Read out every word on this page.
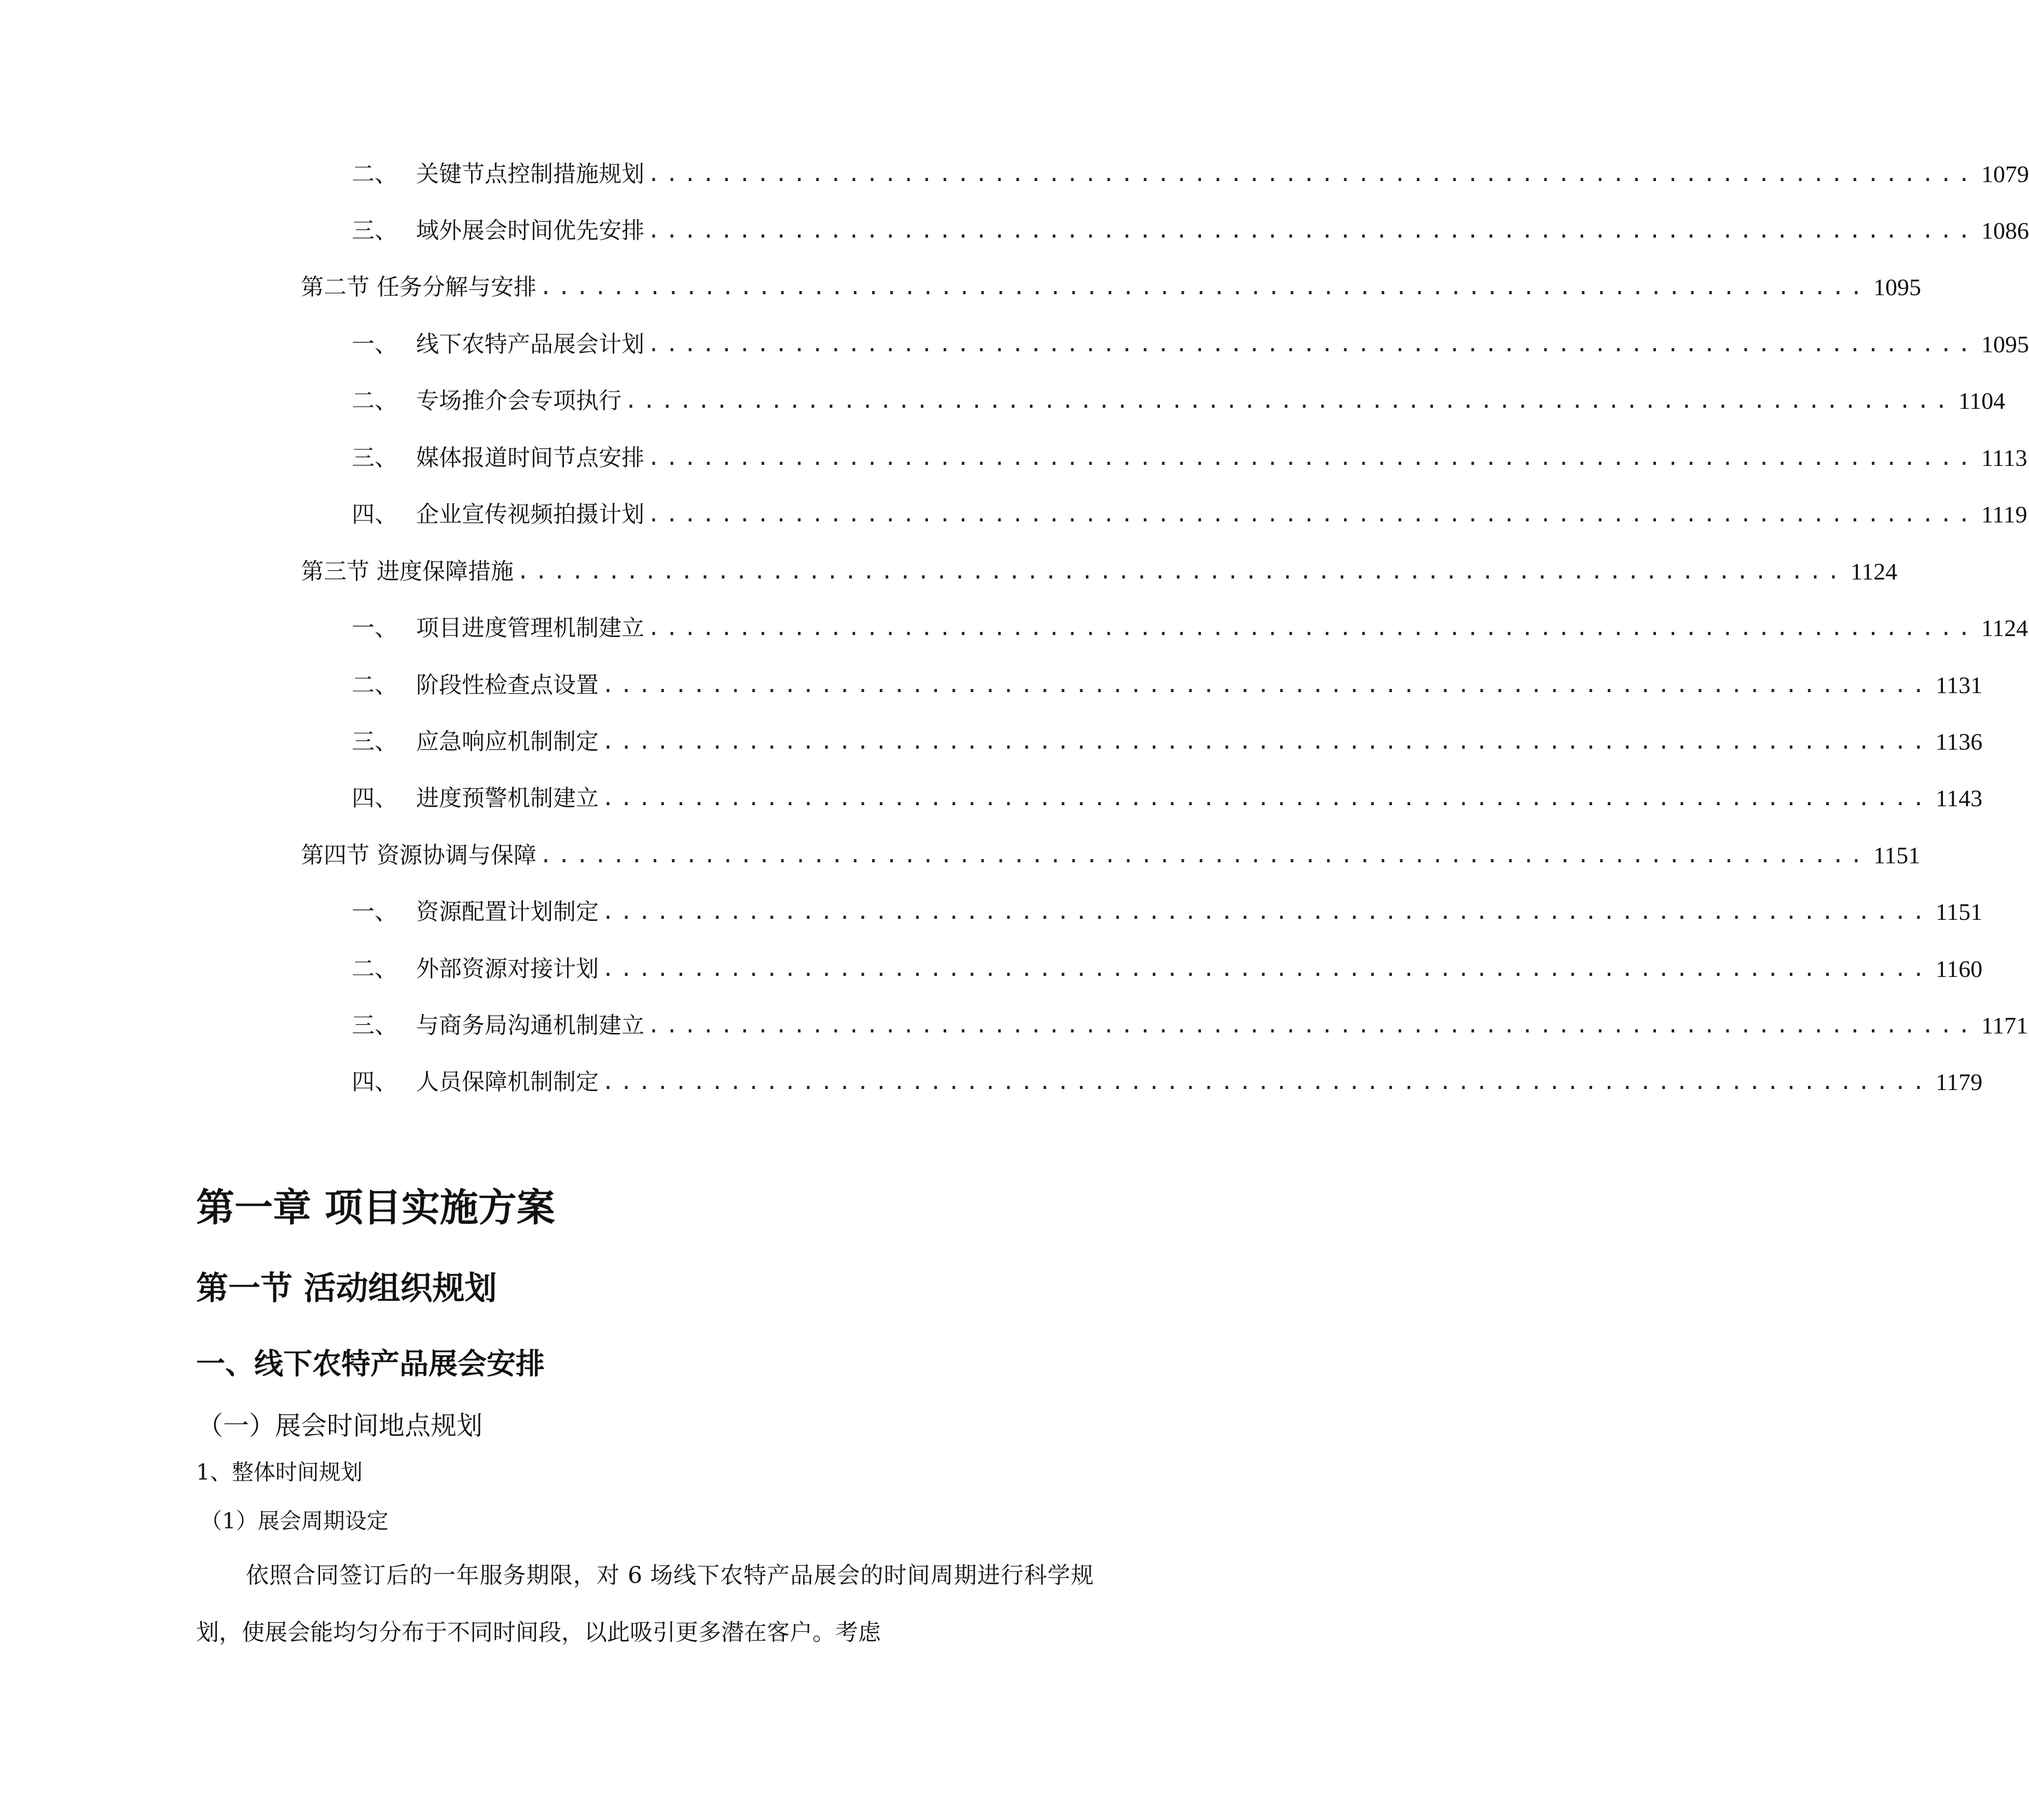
二、 关键节点控制措施规划 ......................................................................... 1079
三、 域外展会时间优先安排 ......................................................................... 1086
第二节 任务分解与安排 ......................................................................... 1095
一、 线下农特产品展会计划 ......................................................................... 1095
二、 专场推介会专项执行 ......................................................................... 1104
三、 媒体报道时间节点安排 ......................................................................... 1113
四、 企业宣传视频拍摄计划 ......................................................................... 1119
第三节 进度保障措施 ......................................................................... 1124
一、 项目进度管理机制建立 ......................................................................... 1124
二、 阶段性检查点设置 ......................................................................... 1131
三、 应急响应机制制定 ......................................................................... 1136
四、 进度预警机制建立 ......................................................................... 1143
第四节 资源协调与保障 ......................................................................... 1151
一、 资源配置计划制定 ......................................................................... 1151
二、 外部资源对接计划 ......................................................................... 1160
三、 与商务局沟通机制建立 ......................................................................... 1171
四、 人员保障机制制定 ......................................................................... 1179
第一章 项目实施方案
第一节 活动组织规划
一、线下农特产品展会安排
（一）展会时间地点规划
1、整体时间规划
（1）展会周期设定

依照合同签订后的一年服务期限，对 6 场线下农特产品展会的时间周期进行科学规划，使展会能均匀分布于不同时间段，以此吸引更多潜在客户。考虑
